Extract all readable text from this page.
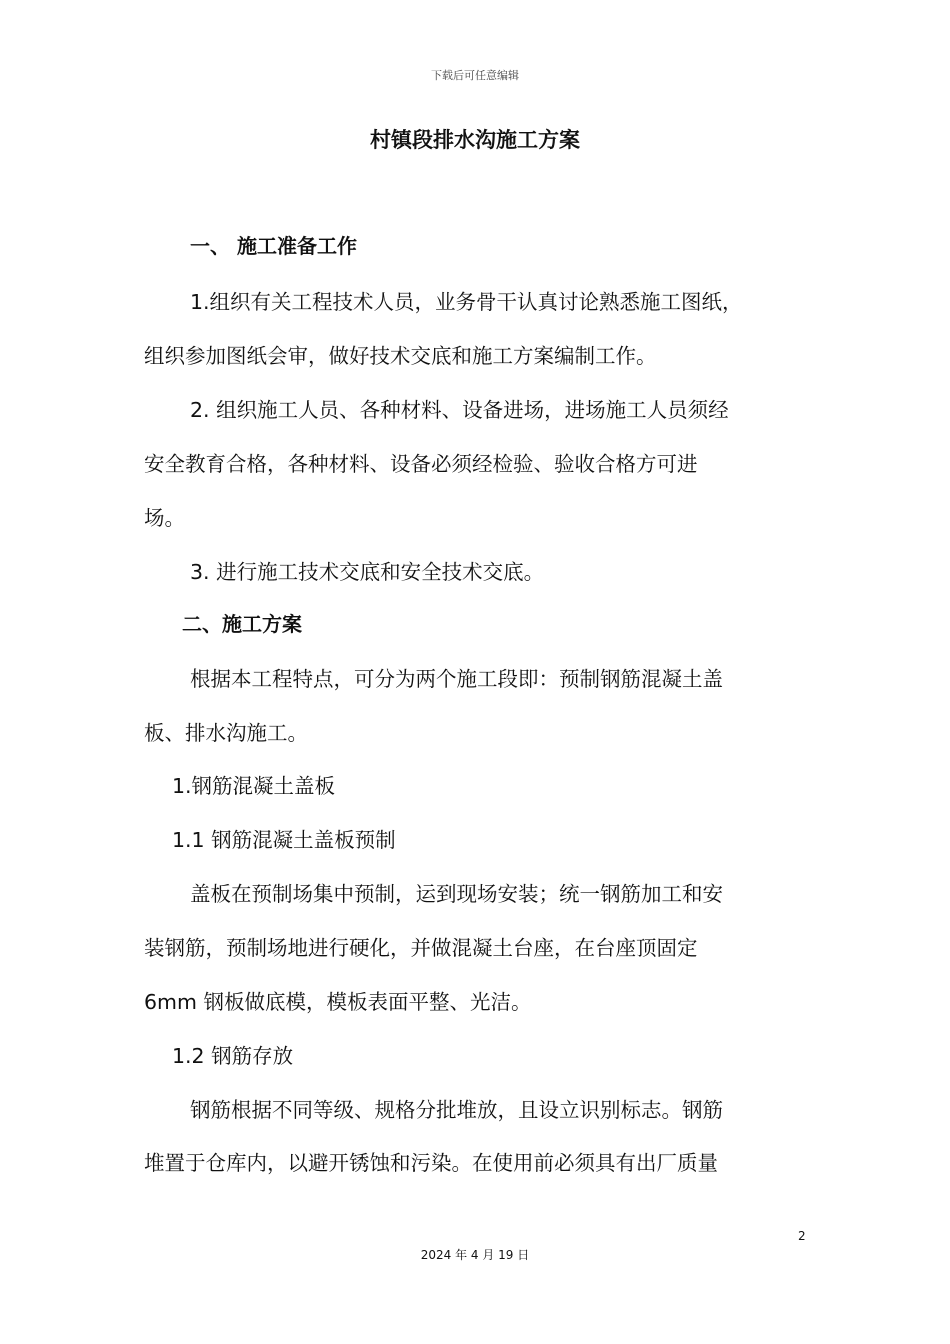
下载后可任意编辑
村镇段排水沟施工方案
一、 施工准备工作
1.组织有关工程技术人员，业务骨干认真讨论熟悉施工图纸，
组织参加图纸会审，做好技术交底和施工方案编制工作。
2. 组织施工人员、各种材料、设备进场，进场施工人员须经
安全教育合格，各种材料、设备必须经检验、验收合格方可进
场。
3. 进行施工技术交底和安全技术交底。
二、施工方案
根据本工程特点，可分为两个施工段即：预制钢筋混凝土盖
板、排水沟施工。
1.钢筋混凝土盖板
1.1 钢筋混凝土盖板预制
盖板在预制场集中预制，运到现场安装；统一钢筋加工和安
装钢筋，预制场地进行硬化，并做混凝土台座，在台座顶固定
6mm 钢板做底模，模板表面平整、光洁。
1.2 钢筋存放
钢筋根据不同等级、规格分批堆放，且设立识别标志。钢筋
堆置于仓库内，以避开锈蚀和污染。在使用前必须具有出厂质量
2
2024 年 4 月 19 日
